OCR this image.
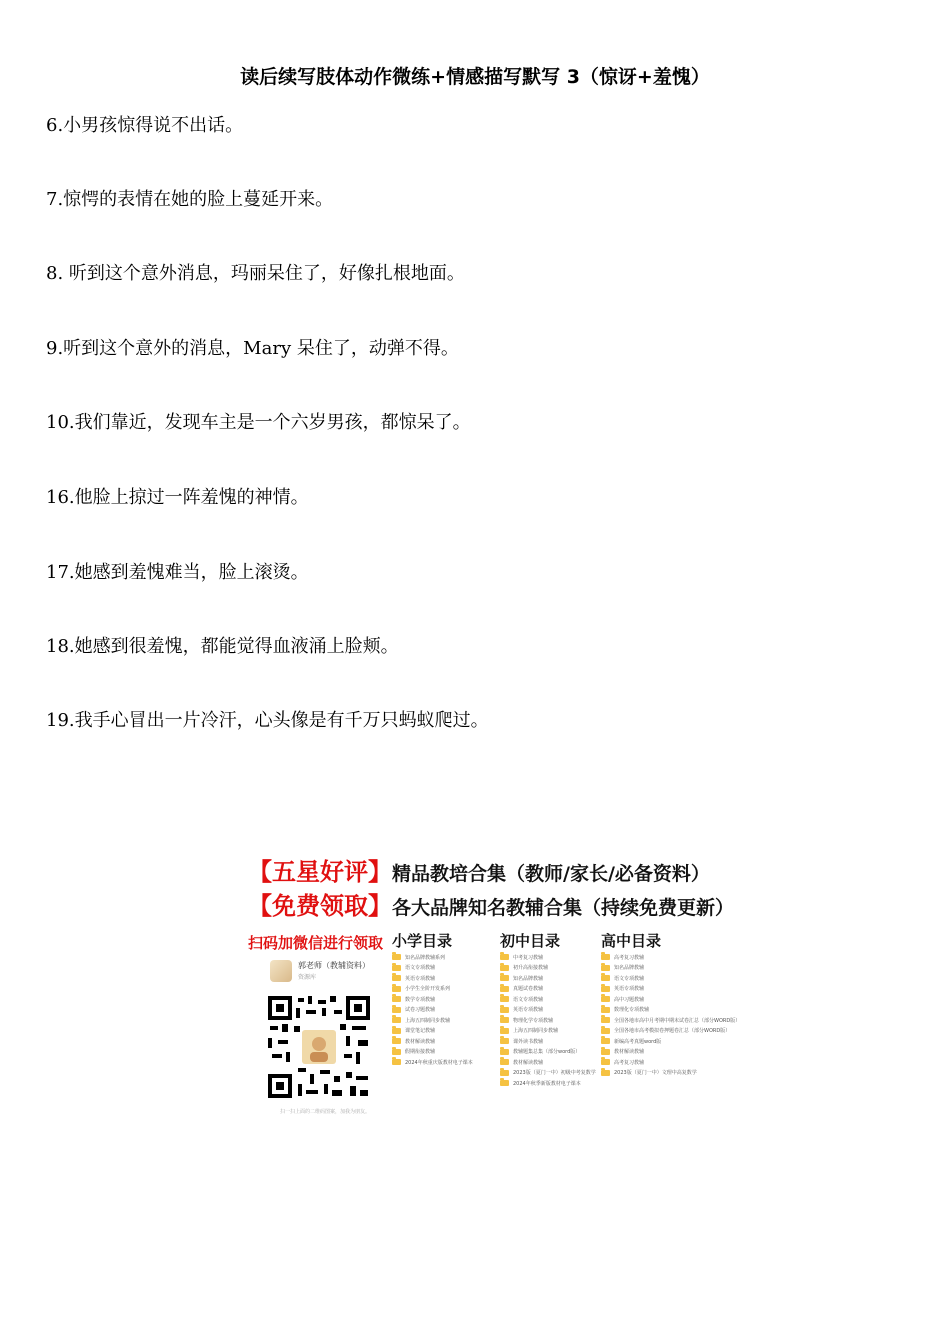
读后续写肢体动作微练+情感描写默写 3（惊讶+羞愧）
6.小男孩惊得说不出话。
7.惊愕的表情在她的脸上蔓延开来。
8. 听到这个意外消息，玛丽呆住了，好像扎根地面。
9.听到这个意外的消息，Mary 呆住了，动弹不得。
10.我们靠近，发现车主是一个六岁男孩，都惊呆了。
16.他脸上掠过一阵羞愧的神情。
17.她感到羞愧难当，脸上滚烫。
18.她感到很羞愧，都能觉得血液涌上脸颊。
19.我手心冒出一片冷汗，心头像是有千万只蚂蚁爬过。
【五星好评】精品教培合集（教师/家长/必备资料）
【免费领取】各大品牌知名教辅合集（持续免费更新）
扫码加微信进行领取 小学目录	初中目录	高中目录
郭老师（教辅资料）
资源库
扫一扫上面的二维码图案，加我为朋友。
知名品牌教辅系列
语文专项教辅
英语专项教辅
小学生全阶开发系列
数学专项教辅
试卷习题教辅
上海五四制同步教辅
课堂笔记教辅
教材解读教辅
假期衔接教辅
2024年秋重庆版教材电子课本
中考复习教辅
初升高衔接教辅
知名品牌教辅
真题试卷教辅
语文专项教辅
英语专项教辅
物理化学专项教辅
上海五四制同步教辅
课外读书教辅
教辅题集总集（部分word版）
教材解读教辅
2023版（夏门一中）初级中考复数学
2024年秋季新版教材电子课本
高考复习教辅
知名品牌教辅
语文专项教辅
英语专项教辅
高中习题教辅
数理化专项教辅
全国各地市高中月考期中期末试卷汇总（部分WORD版）
全国各地市高考模拟卷押题卷汇总（部分WORD版）
新编高考真题word版
教材解读教辅
高考复习教辅
2023版（夏门一中）文理中高复数学
